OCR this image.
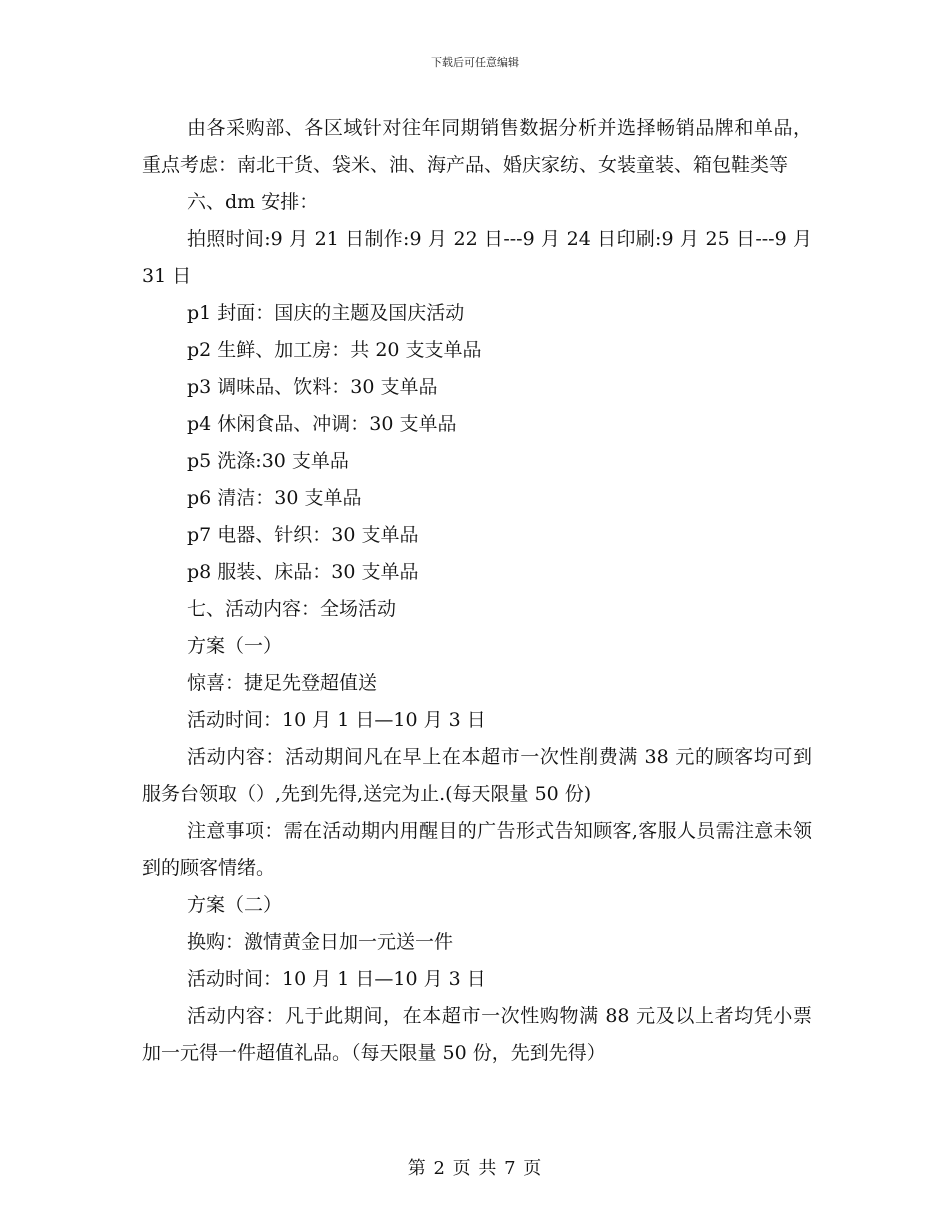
下载后可任意编辑

由各采购部、各区域针对往年同期销售数据分析并选择畅销品牌和单品，重点考虑：南北干货、袋米、油、海产品、婚庆家纺、女装童装、箱包鞋类等

六、dm 安排：

拍照时间:9 月 21 日制作:9 月 22 日---9 月 24 日印刷:9 月 25 日---9 月 31 日

p1 封面：国庆的主题及国庆活动

p2 生鲜、加工房：共 20 支支单品

p3 调味品、饮料：30 支单品

p4 休闲食品、冲调：30 支单品

p5 洗涤:30 支单品

p6 清洁：30 支单品

p7 电器、针织：30 支单品

p8 服装、床品：30 支单品

七、活动内容：全场活动

方案（一）

惊喜：捷足先登超值送

活动时间：10 月 1 日—10 月 3 日

活动内容：活动期间凡在早上在本超市一次性削费满 38 元的顾客均可到服务台领取（）,先到先得,送完为止.(每天限量 50 份)

注意事项：需在活动期内用醒目的广告形式告知顾客,客服人员需注意未领到的顾客情绪。

方案（二）

换购：激情黄金日加一元送一件

活动时间：10 月 1 日—10 月 3 日

活动内容：凡于此期间，在本超市一次性购物满 88 元及以上者均凭小票加一元得一件超值礼品。（每天限量 50 份，先到先得）

第 2 页 共 7 页
